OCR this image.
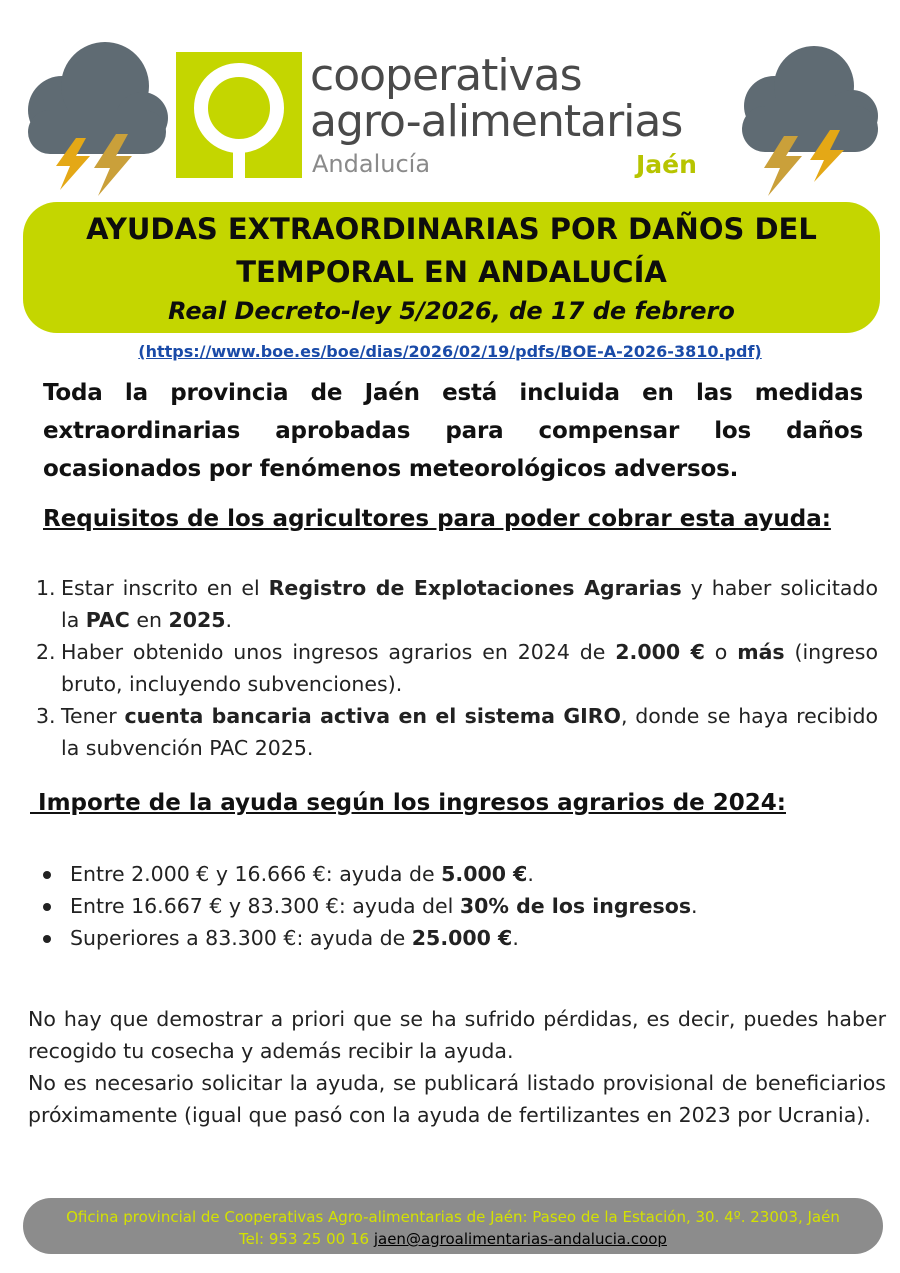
cooperativas
agro-alimentarias
Andalucía	Jaén
AYUDAS EXTRAORDINARIAS POR DAÑOS DEL
TEMPORAL EN ANDALUCÍA
Real Decreto-ley 5/2026, de 17 de febrero
(https://www.boe.es/boe/dias/2026/02/19/pdfs/BOE-A-2026-3810.pdf)
Toda la provincia de Jaén está incluida en las medidas extraordinarias aprobadas para compensar los daños ocasionados por fenómenos meteorológicos adversos.
Requisitos de los agricultores para poder cobrar esta ayuda:
1. Estar inscrito en el Registro de Explotaciones Agrarias y haber solicitado la PAC en 2025.
2. Haber obtenido unos ingresos agrarios en 2024 de 2.000 € o más (ingreso bruto, incluyendo subvenciones).
3. Tener cuenta bancaria activa en el sistema GIRO, donde se haya recibido la subvención PAC 2025.
Importe de la ayuda según los ingresos agrarios de 2024:
Entre 2.000 € y 16.666 €: ayuda de 5.000 €.
Entre 16.667 € y 83.300 €: ayuda del 30% de los ingresos.
Superiores a 83.300 €: ayuda de 25.000 €.

No hay que demostrar a priori que se ha sufrido pérdidas, es decir, puedes haber recogido tu cosecha y además recibir la ayuda.

No es necesario solicitar la ayuda, se publicará listado provisional de beneficiarios próximamente (igual que pasó con la ayuda de fertilizantes en 2023 por Ucrania).

Oficina provincial de Cooperativas Agro-alimentarias de Jaén: Paseo de la Estación, 30. 4º. 23003, Jaén
Tel: 953 25 00 16 jaen@agroalimentarias-andalucia.coop
